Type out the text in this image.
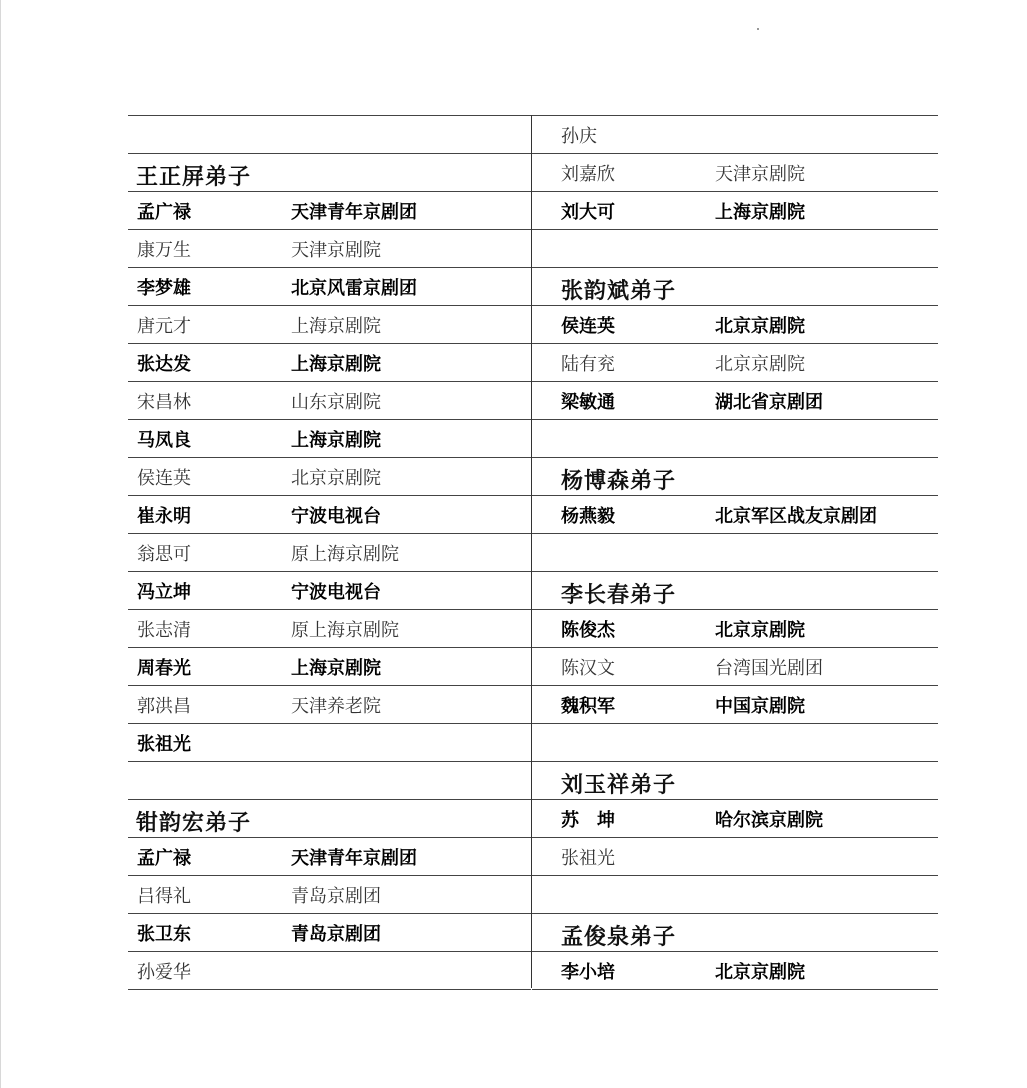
王正屏弟子
孟广禄	天津青年京剧团
康万生	天津京剧院
李梦雄	北京风雷京剧团
唐元才	上海京剧院
张达发	上海京剧院
宋昌林	山东京剧院
马凤良	上海京剧院
侯连英	北京京剧院
崔永明	宁波电视台
翁思可	原上海京剧院
冯立坤	宁波电视台
张志清	原上海京剧院
周春光	上海京剧院
郭洪昌	天津养老院
张祖光
钳韵宏弟子
孟广禄	天津青年京剧团
吕得礼	青岛京剧团
张卫东	青岛京剧团
孙爱华
孙庆
刘嘉欣	天津京剧院
刘大可	上海京剧院
张韵斌弟子
侯连英	北京京剧院
陆有兖	北京京剧院
梁敏通	湖北省京剧团
杨博森弟子
杨燕毅	北京军区战友京剧团
李长春弟子
陈俊杰	北京京剧院
陈汉文	台湾国光剧团
魏积军	中国京剧院
刘玉祥弟子
苏　坤	哈尔滨京剧院
张祖光
孟俊泉弟子
李小培	北京京剧院
